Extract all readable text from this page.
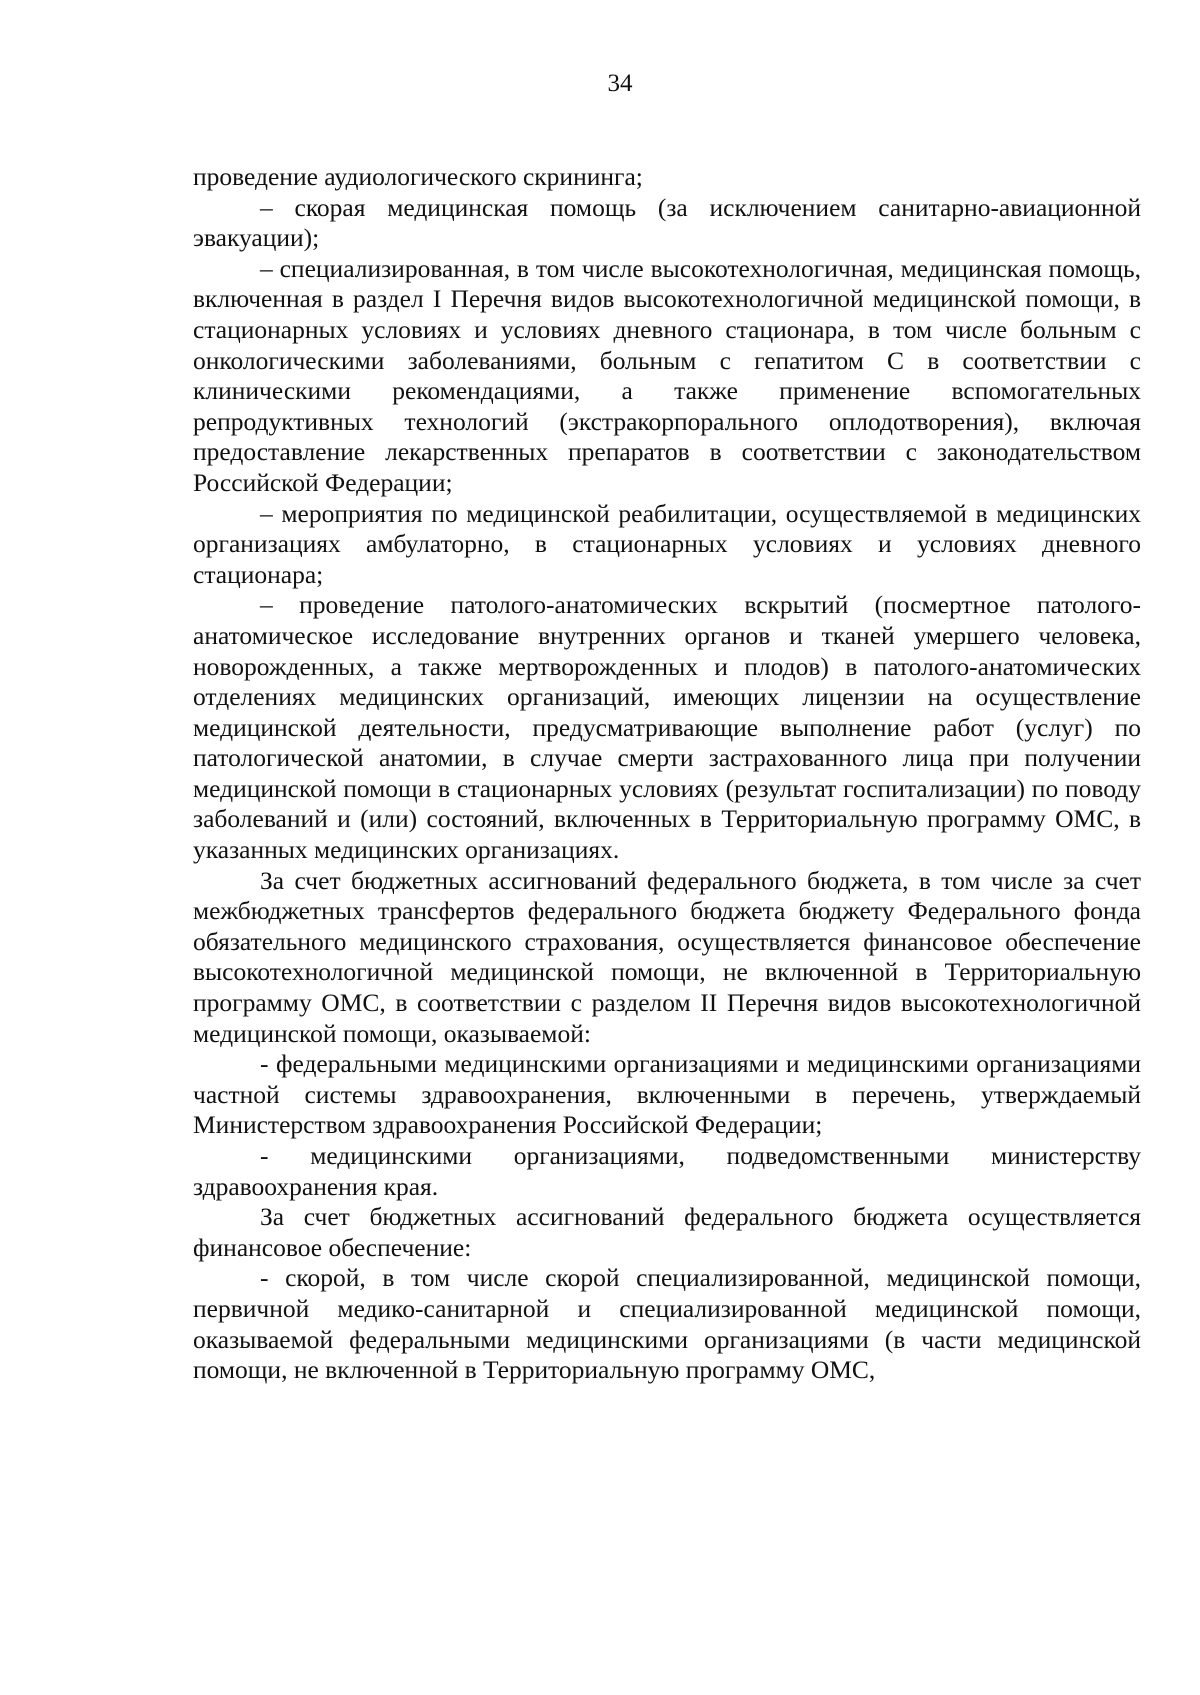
34

проведение аудиологического скрининга;

– скорая медицинская помощь (за исключением санитарно-авиационной эвакуации);

– специализированная, в том числе высокотехнологичная, медицинская помощь, включенная в раздел I Перечня видов высокотехнологичной медицинской помощи, в стационарных условиях и условиях дневного стационара, в том числе больным с онкологическими заболеваниями, больным с гепатитом С в соответствии с клиническими рекомендациями, а также применение вспомогательных репродуктивных технологий (экстракорпорального оплодотворения), включая предоставление лекарственных препаратов в соответствии с законодательством Российской Федерации;

– мероприятия по медицинской реабилитации, осуществляемой в медицинских организациях амбулаторно, в стационарных условиях и условиях дневного стационара;

– проведение патолого-анатомических вскрытий (посмертное патолого-анатомическое исследование внутренних органов и тканей умершего человека, новорожденных, а также мертворожденных и плодов) в патолого-анатомических отделениях медицинских организаций, имеющих лицензии на осуществление медицинской деятельности, предусматривающие выполнение работ (услуг) по патологической анатомии, в случае смерти застрахованного лица при получении медицинской помощи в стационарных условиях (результат госпитализации) по поводу заболеваний и (или) состояний, включенных в Территориальную программу ОМС, в указанных медицинских организациях.

За счет бюджетных ассигнований федерального бюджета, в том числе за счет межбюджетных трансфертов федерального бюджета бюджету Федерального фонда обязательного медицинского страхования, осуществляется финансовое обеспечение высокотехнологичной медицинской помощи, не включенной в Территориальную программу ОМС, в соответствии с разделом II Перечня видов высокотехнологичной медицинской помощи, оказываемой:

- федеральными медицинскими организациями и медицинскими организациями частной системы здравоохранения, включенными в перечень, утверждаемый Министерством здравоохранения Российской Федерации;

- медицинскими организациями, подведомственными министерству здравоохранения края.

За счет бюджетных ассигнований федерального бюджета осуществляется финансовое обеспечение:

- скорой, в том числе скорой специализированной, медицинской помощи, первичной медико-санитарной и специализированной медицинской помощи, оказываемой федеральными медицинскими организациями (в части медицинской помощи, не включенной в Территориальную программу ОМС,
